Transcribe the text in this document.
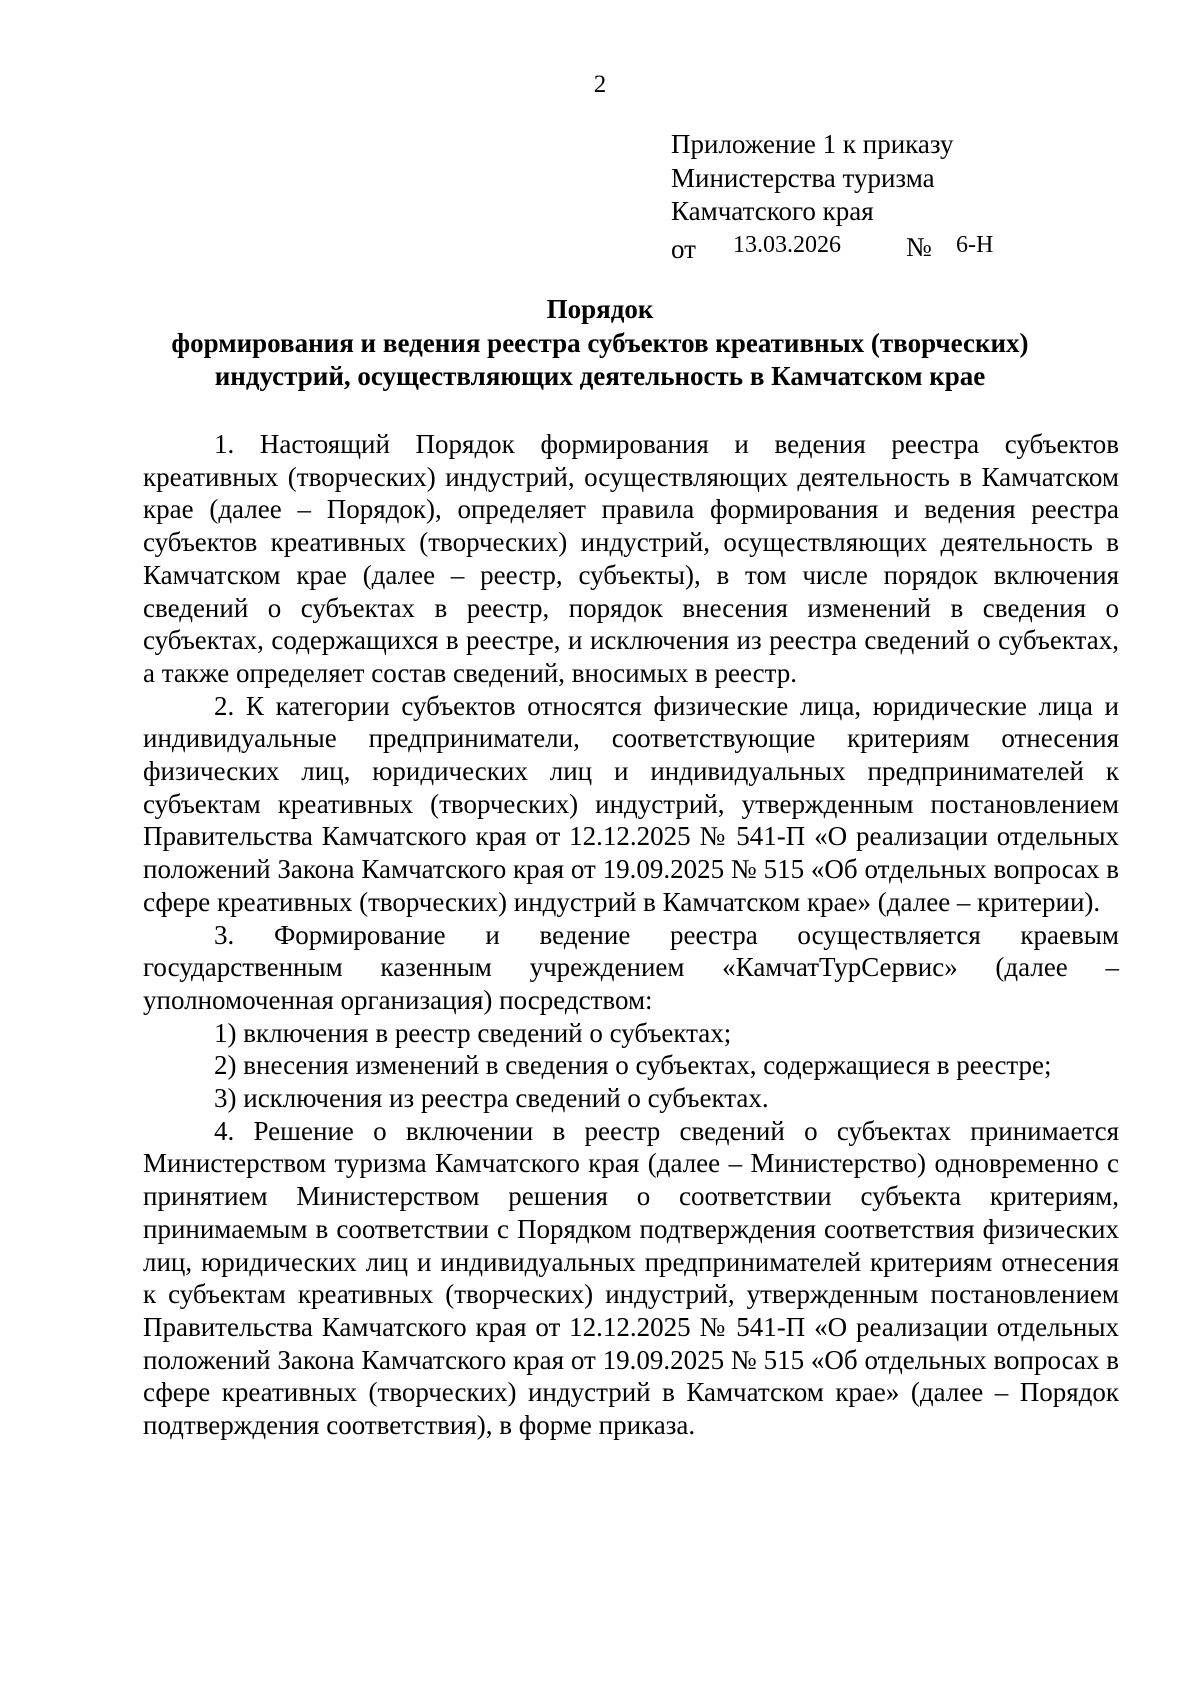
2
Приложение 1 к приказу
Министерства туризма
Камчатского края
от 13.03.2026 № 6-Н
Порядок
формирования и ведения реестра субъектов креативных (творческих)
индустрий, осуществляющих деятельность в Камчатском крае

1. Настоящий Порядок формирования и ведения реестра субъектов креативных (творческих) индустрий, осуществляющих деятельность в Камчатском крае (далее – Порядок), определяет правила формирования и ведения реестра субъектов креативных (творческих) индустрий, осуществляющих деятельность в Камчатском крае (далее – реестр, субъекты), в том числе порядок включения сведений о субъектах в реестр, порядок внесения изменений в сведения о субъектах, содержащихся в реестре, и исключения из реестра сведений о субъектах, а также определяет состав сведений, вносимых в реестр.

2. К категории субъектов относятся физические лица, юридические лица и индивидуальные предприниматели, соответствующие критериям отнесения физических лиц, юридических лиц и индивидуальных предпринимателей к субъектам креативных (творческих) индустрий, утвержденным постановлением Правительства Камчатского края от 12.12.2025 № 541-П «О реализации отдельных положений Закона Камчатского края от 19.09.2025 № 515 «Об отдельных вопросах в сфере креативных (творческих) индустрий в Камчатском крае» (далее – критерии).

3. Формирование и ведение реестра осуществляется краевым государственным казенным учреждением «КамчатТурСервис» (далее – уполномоченная организация) посредством:

1) включения в реестр сведений о субъектах;

2) внесения изменений в сведения о субъектах, содержащиеся в реестре;

3) исключения из реестра сведений о субъектах.

4. Решение о включении в реестр сведений о субъектах принимается Министерством туризма Камчатского края (далее – Министерство) одновременно с принятием Министерством решения о соответствии субъекта критериям, принимаемым в соответствии с Порядком подтверждения соответствия физических лиц, юридических лиц и индивидуальных предпринимателей критериям отнесения к субъектам креативных (творческих) индустрий, утвержденным постановлением Правительства Камчатского края от 12.12.2025 № 541-П «О реализации отдельных положений Закона Камчатского края от 19.09.2025 № 515 «Об отдельных вопросах в сфере креативных (творческих) индустрий в Камчатском крае» (далее – Порядок подтверждения соответствия), в форме приказа.
